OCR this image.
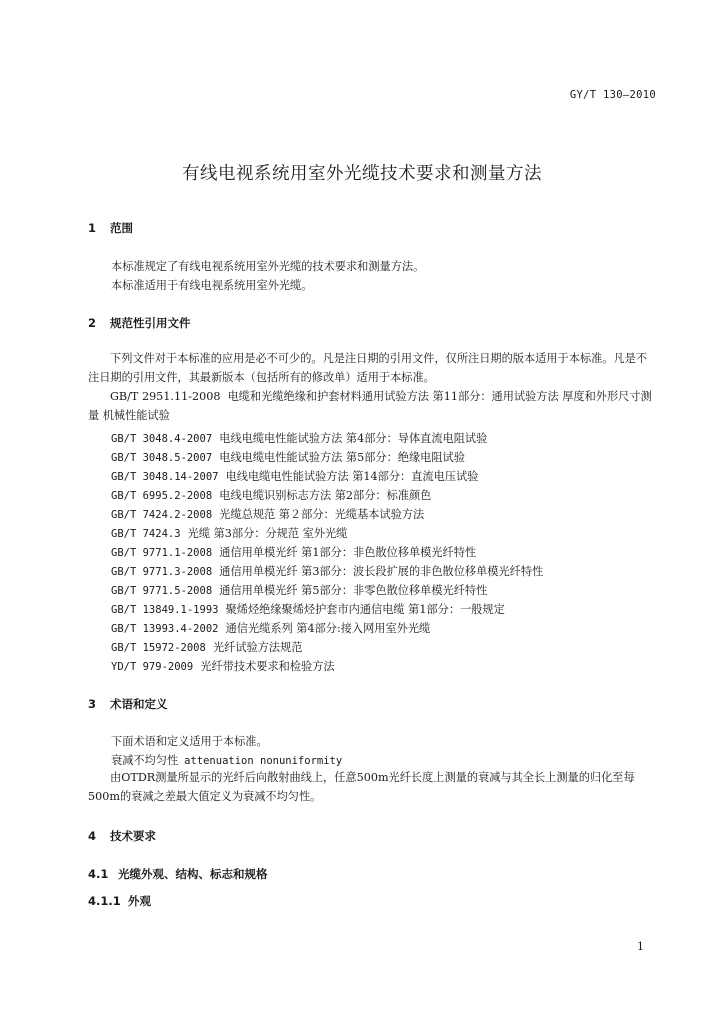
GY/T 130—2010
有线电视系统用室外光缆技术要求和测量方法
1 范围
本标准规定了有线电视系统用室外光缆的技术要求和测量方法。
本标准适用于有线电视系统用室外光缆。
2 规范性引用文件
下列文件对于本标准的应用是必不可少的。凡是注日期的引用文件，仅所注日期的版本适用于本标准。凡是不注日期的引用文件，其最新版本（包括所有的修改单）适用于本标准。
GB/T 2951.11-2008 电缆和光缆绝缘和护套材料通用试验方法 第11部分：通用试验方法 厚度和外形尺寸测量 机械性能试验
GB/T 3048.4-2007 电线电缆电性能试验方法 第4部分：导体直流电阻试验
GB/T 3048.5-2007 电线电缆电性能试验方法 第5部分：绝缘电阻试验
GB/T 3048.14-2007 电线电缆电性能试验方法 第14部分：直流电压试验
GB/T 6995.2-2008 电线电缆识别标志方法 第2部分：标准颜色
GB/T 7424.2-2008 光缆总规范 第２部分：光缆基本试验方法
GB/T 7424.3 光缆 第3部分：分规范 室外光缆
GB/T 9771.1-2008 通信用单模光纤 第1部分：非色散位移单模光纤特性
GB/T 9771.3-2008 通信用单模光纤 第3部分：波长段扩展的非色散位移单模光纤特性
GB/T 9771.5-2008 通信用单模光纤 第5部分：非零色散位移单模光纤特性
GB/T 13849.1-1993 聚烯烃绝缘聚烯烃护套市内通信电缆 第1部分：一般规定
GB/T 13993.4-2002 通信光缆系列 第4部分:接入网用室外光缆
GB/T 15972-2008 光纤试验方法规范
YD/T 979-2009 光纤带技术要求和检验方法
3 术语和定义
下面术语和定义适用于本标准。
衰减不均匀性 attenuation nonuniformity
由OTDR测量所显示的光纤后向散射曲线上，任意500m光纤长度上测量的衰减与其全长上测量的归化至每500m的衰减之差最大值定义为衰减不均匀性。
4 技术要求
4.1 光缆外观、结构、标志和规格
4.1.1 外观
1
